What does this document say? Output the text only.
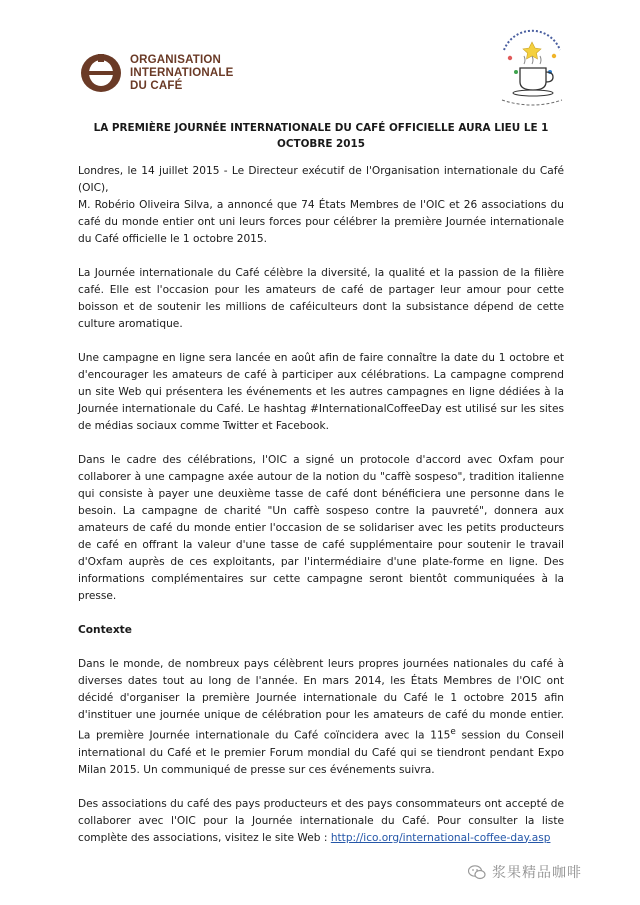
ORGANISATION
INTERNATIONALE
DU CAFÉ
LA PREMIÈRE JOURNÉE INTERNATIONALE DU CAFÉ OFFICIELLE AURA LIEU LE 1 OCTOBRE 2015

Londres, le 14 juillet 2015 - Le Directeur exécutif de l'Organisation internationale du Café (OIC),

M. Robério Oliveira Silva, a annoncé que 74 États Membres de l'OIC et 26 associations du café du monde entier ont uni leurs forces pour célébrer la première Journée internationale du Café officielle le 1 octobre 2015.

La Journée internationale du Café célèbre la diversité, la qualité et la passion de la filière café. Elle est l'occasion pour les amateurs de café de partager leur amour pour cette boisson et de soutenir les millions de caféiculteurs dont la subsistance dépend de cette culture aromatique.

Une campagne en ligne sera lancée en août afin de faire connaître la date du 1 octobre et d'encourager les amateurs de café à participer aux célébrations. La campagne comprend un site Web qui présentera les événements et les autres campagnes en ligne dédiées à la Journée internationale du Café. Le hashtag #InternationalCoffeeDay est utilisé sur les sites de médias sociaux comme Twitter et Facebook.

Dans le cadre des célébrations, l'OIC a signé un protocole d'accord avec Oxfam pour collaborer à une campagne axée autour de la notion du "caffè sospeso", tradition italienne qui consiste à payer une deuxième tasse de café dont bénéficiera une personne dans le besoin. La campagne de charité "Un caffè sospeso contre la pauvreté", donnera aux amateurs de café du monde entier l'occasion de se solidariser avec les petits producteurs de café en offrant la valeur d'une tasse de café supplémentaire pour soutenir le travail d'Oxfam auprès de ces exploitants, par l'intermédiaire d'une plate-forme en ligne. Des informations complémentaires sur cette campagne seront bientôt communiquées à la presse.

Contexte

Dans le monde, de nombreux pays célèbrent leurs propres journées nationales du café à diverses dates tout au long de l'année. En mars 2014, les États Membres de l'OIC ont décidé d'organiser la première Journée internationale du Café le 1 octobre 2015 afin d'instituer une journée unique de célébration pour les amateurs de café du monde entier. La première Journée internationale du Café coïncidera avec la 115e session du Conseil international du Café et le premier Forum mondial du Café qui se tiendront pendant Expo Milan 2015. Un communiqué de presse sur ces événements suivra.

Des associations du café des pays producteurs et des pays consommateurs ont accepté de collaborer avec l'OIC pour la Journée internationale du Café. Pour consulter la liste complète des associations, visitez le site Web : http://ico.org/international-coffee-day.asp

浆果精品咖啡
